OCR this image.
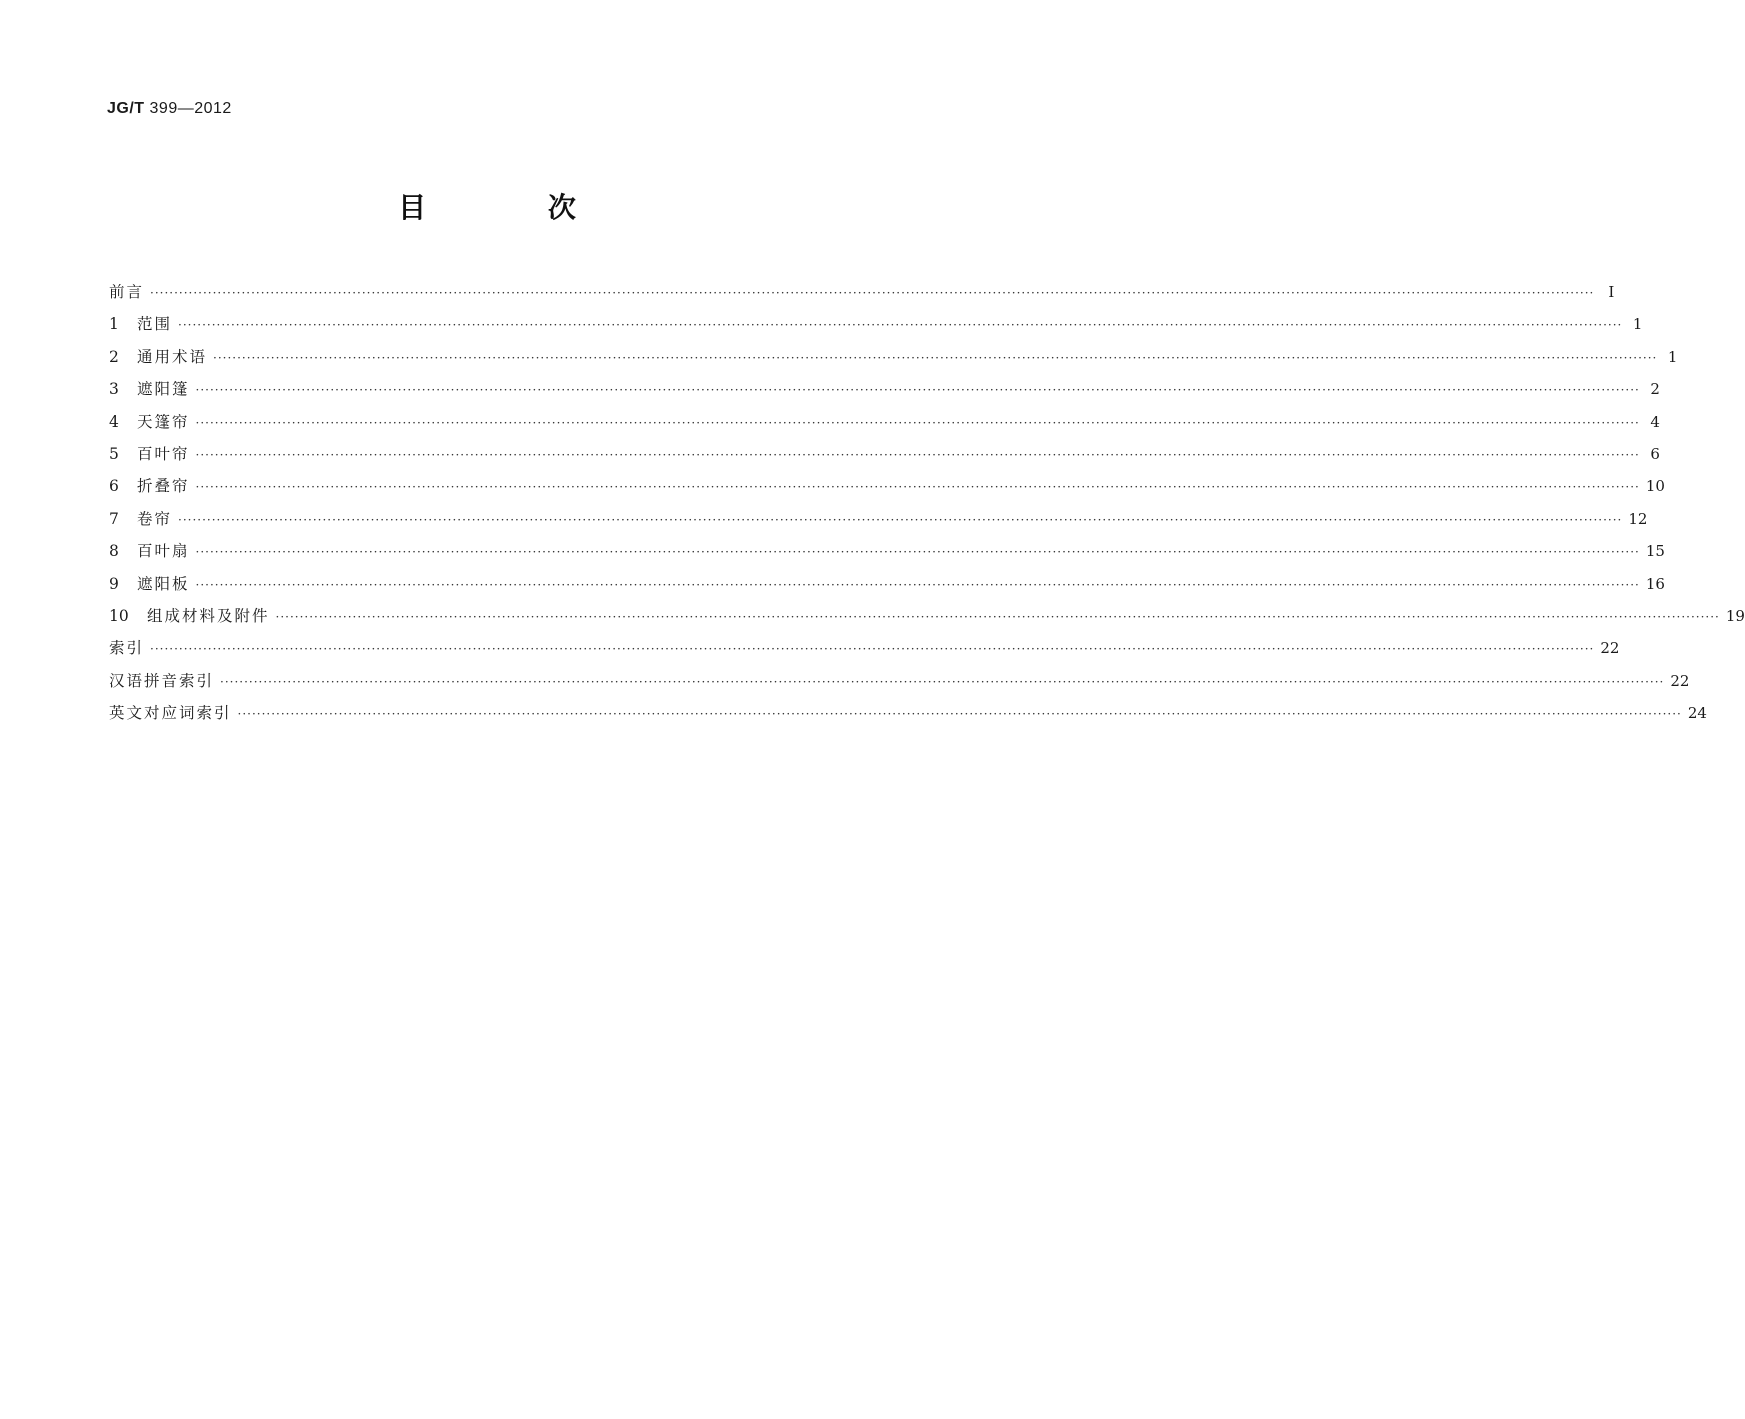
JG/T 399—2012
目 次
前言 ············································································································································································································································································································ Ⅰ
1	范围 ············································································································································································································································································································ 1
2	通用术语 ············································································································································································································································································································ 1
3	遮阳篷 ············································································································································································································································································································ 2
4	天篷帘 ············································································································································································································································································································ 4
5	百叶帘 ············································································································································································································································································································ 6
6	折叠帘 ············································································································································································································································································································ 10
7	卷帘 ············································································································································································································································································································ 12
8	百叶扇 ············································································································································································································································································································ 15
9	遮阳板 ············································································································································································································································································································ 16
10	组成材料及附件 ············································································································································································································································································································ 19
索引 ············································································································································································································································································································ 22
汉语拼音索引 ············································································································································································································································································································ 22
英文对应词索引 ············································································································································································································································································································ 24
